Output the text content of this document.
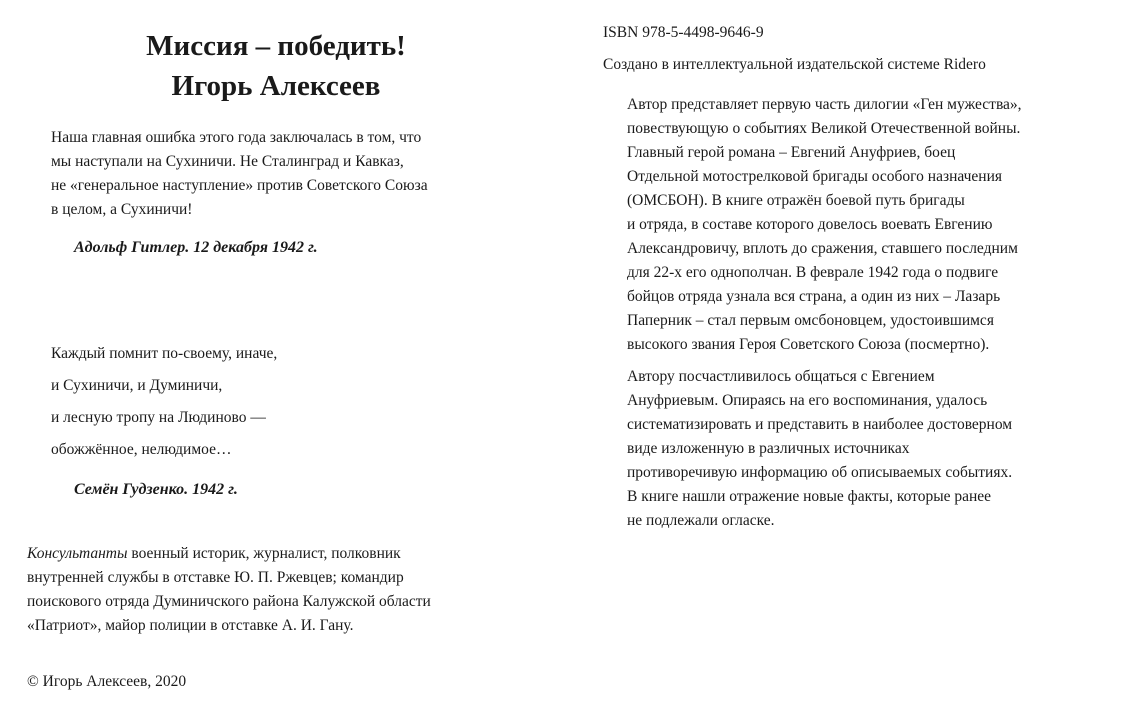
Миссия – победить!
Игорь Алексеев
Наша главная ошибка этого года заключалась в том, что
мы наступали на Сухиничи. Не Сталинград и Кавказ,
не «генеральное наступление» против Советского Союза
в целом, а Сухиничи!
Адольф Гитлер. 12 декабря 1942 г.
Каждый помнит по-своему, иначе,
и Сухиничи, и Думиничи,
и лесную тропу на Людиново —
обожжённое, нелюдимое…
Семён Гудзенко. 1942 г.
Консультанты военный историк, журналист, полковник
внутренней службы в отставке Ю. П. Ржевцев; командир
поискового отряда Думиничского района Калужской области
«Патриот», майор полиции в отставке А. И. Гану.
© Игорь Алексеев, 2020
ISBN 978-5-4498-9646-9
Создано в интеллектуальной издательской системе Ridero
Автор представляет первую часть дилогии «Ген мужества»,
повествующую о событиях Великой Отечественной войны.
Главный герой романа – Евгений Ануфриев, боец
Отдельной мотострелковой бригады особого назначения
(ОМСБОН). В книге отражён боевой путь бригады
и отряда, в составе которого довелось воевать Евгению
Александровичу, вплоть до сражения, ставшего последним
для 22-х его однополчан. В феврале 1942 года о подвиге
бойцов отряда узнала вся страна, а один из них – Лазарь
Паперник – стал первым омсбоновцем, удостоившимся
высокого звания Героя Советского Союза (посмертно).
Автору посчастливилось общаться с Евгением
Ануфриевым. Опираясь на его воспоминания, удалось
систематизировать и представить в наиболее достоверном
виде изложенную в различных источниках
противоречивую информацию об описываемых событиях.
В книге нашли отражение новые факты, которые ранее
не подлежали огласке.
